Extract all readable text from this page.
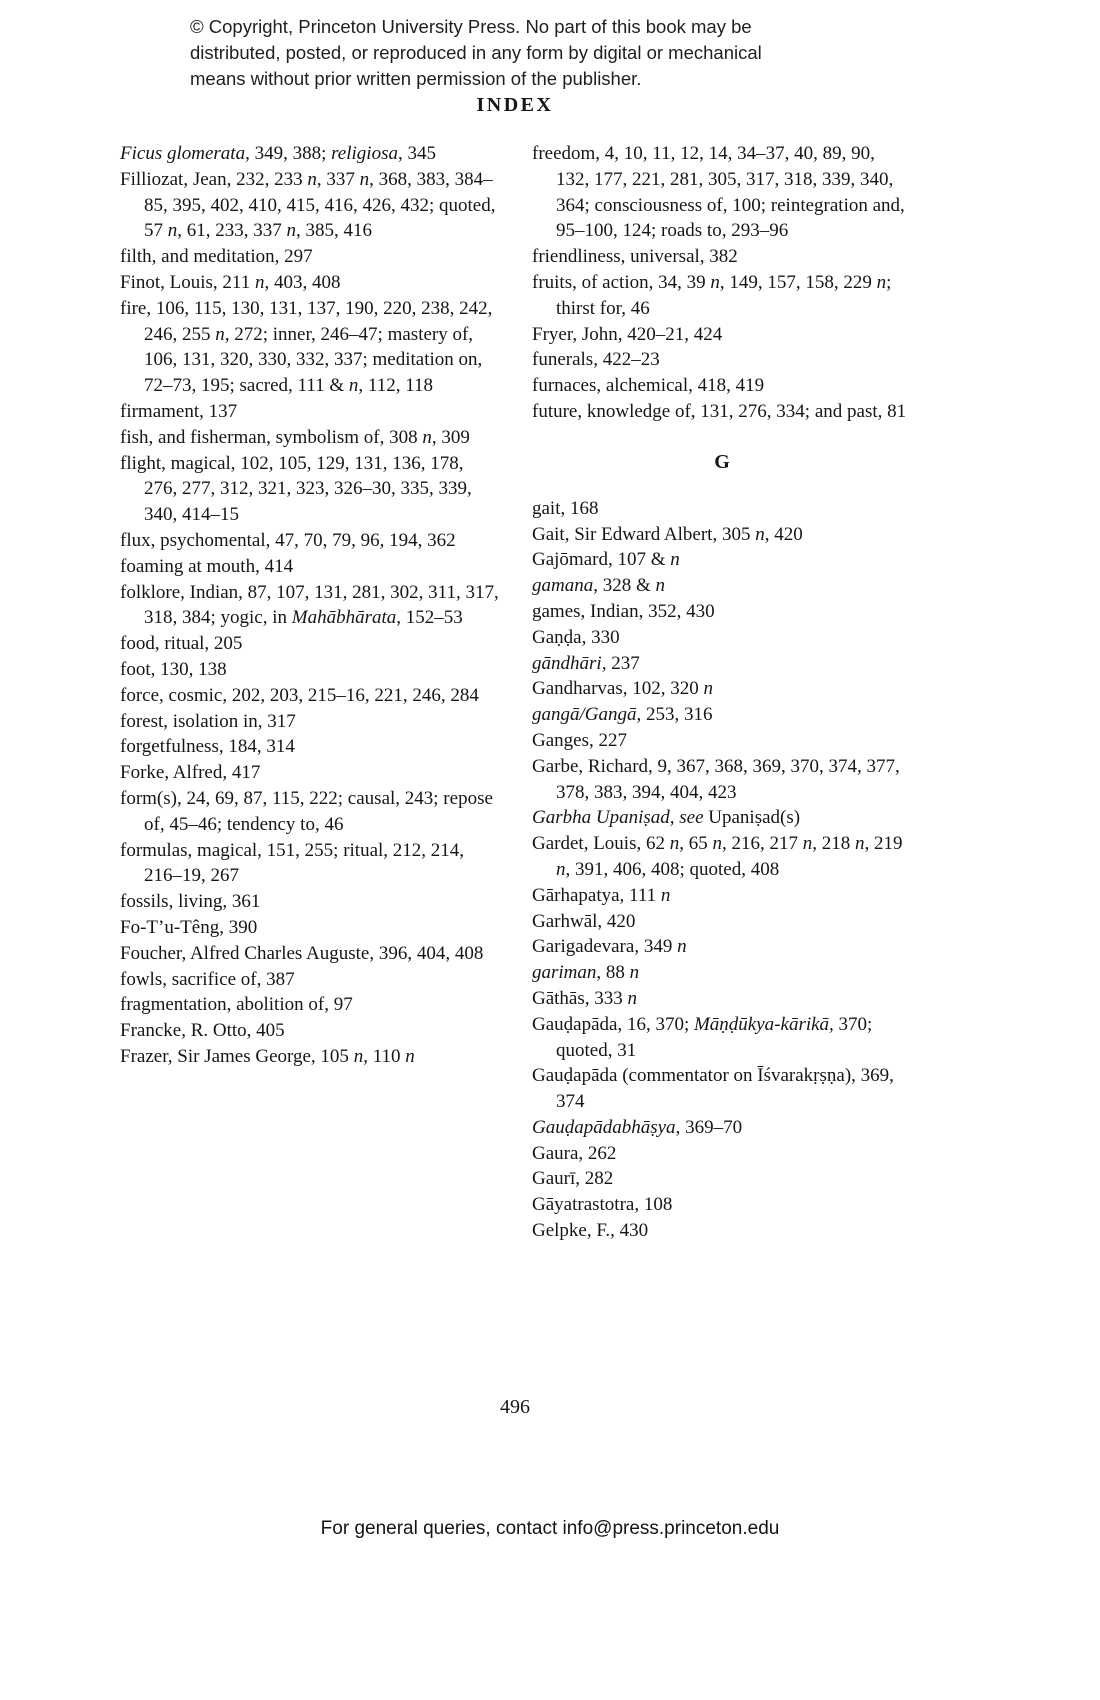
© Copyright, Princeton University Press. No part of this book may be
distributed, posted, or reproduced in any form by digital or mechanical
means without prior written permission of the publisher.
INDEX

Ficus glomerata, 349, 388; religiosa, 345

Filliozat, Jean, 232, 233 n, 337 n, 368, 383, 384–85, 395, 402, 410, 415, 416, 426, 432; quoted, 57 n, 61, 233, 337 n, 385, 416

filth, and meditation, 297

Finot, Louis, 211 n, 403, 408

fire, 106, 115, 130, 131, 137, 190, 220, 238, 242, 246, 255 n, 272; inner, 246–47; mastery of, 106, 131, 320, 330, 332, 337; meditation on, 72–73, 195; sacred, 111 & n, 112, 118

firmament, 137

fish, and fisherman, symbolism of, 308 n, 309

flight, magical, 102, 105, 129, 131, 136, 178, 276, 277, 312, 321, 323, 326–30, 335, 339, 340, 414–15

flux, psychomental, 47, 70, 79, 96, 194, 362

foaming at mouth, 414

folklore, Indian, 87, 107, 131, 281, 302, 311, 317, 318, 384; yogic, in Mahābhārata, 152–53

food, ritual, 205

foot, 130, 138

force, cosmic, 202, 203, 215–16, 221, 246, 284

forest, isolation in, 317

forgetfulness, 184, 314

Forke, Alfred, 417

form(s), 24, 69, 87, 115, 222; causal, 243; repose of, 45–46; tendency to, 46

formulas, magical, 151, 255; ritual, 212, 214, 216–19, 267

fossils, living, 361

Fo-T’u-Têng, 390

Foucher, Alfred Charles Auguste, 396, 404, 408

fowls, sacrifice of, 387

fragmentation, abolition of, 97

Francke, R. Otto, 405

Frazer, Sir James George, 105 n, 110 n

freedom, 4, 10, 11, 12, 14, 34–37, 40, 89, 90, 132, 177, 221, 281, 305, 317, 318, 339, 340, 364; consciousness of, 100; reintegration and, 95–100, 124; roads to, 293–96

friendliness, universal, 382

fruits, of action, 34, 39 n, 149, 157, 158, 229 n; thirst for, 46

Fryer, John, 420–21, 424

funerals, 422–23

furnaces, alchemical, 418, 419

future, knowledge of, 131, 276, 334; and past, 81

G

gait, 168

Gait, Sir Edward Albert, 305 n, 420

Gajōmard, 107 & n

gamana, 328 & n

games, Indian, 352, 430

Gaṇḍa, 330

gāndhāri, 237

Gandharvas, 102, 320 n

gangā/Gangā, 253, 316

Ganges, 227

Garbe, Richard, 9, 367, 368, 369, 370, 374, 377, 378, 383, 394, 404, 423

Garbha Upaniṣad, see Upaniṣad(s)

Gardet, Louis, 62 n, 65 n, 216, 217 n, 218 n, 219 n, 391, 406, 408; quoted, 408

Gārhapatya, 111 n

Garhwāl, 420

Garigadevara, 349 n

gariman, 88 n

Gāthās, 333 n

Gauḍapāda, 16, 370; Māṇḍūkya-kārikā, 370; quoted, 31

Gauḍapāda (commentator on Īśvarakṛṣṇa), 369, 374

Gauḍapādabhāṣya, 369–70

Gaura, 262

Gaurī, 282

Gāyatrastotra, 108

Gelpke, F., 430

496
For general queries, contact info@press.princeton.edu
